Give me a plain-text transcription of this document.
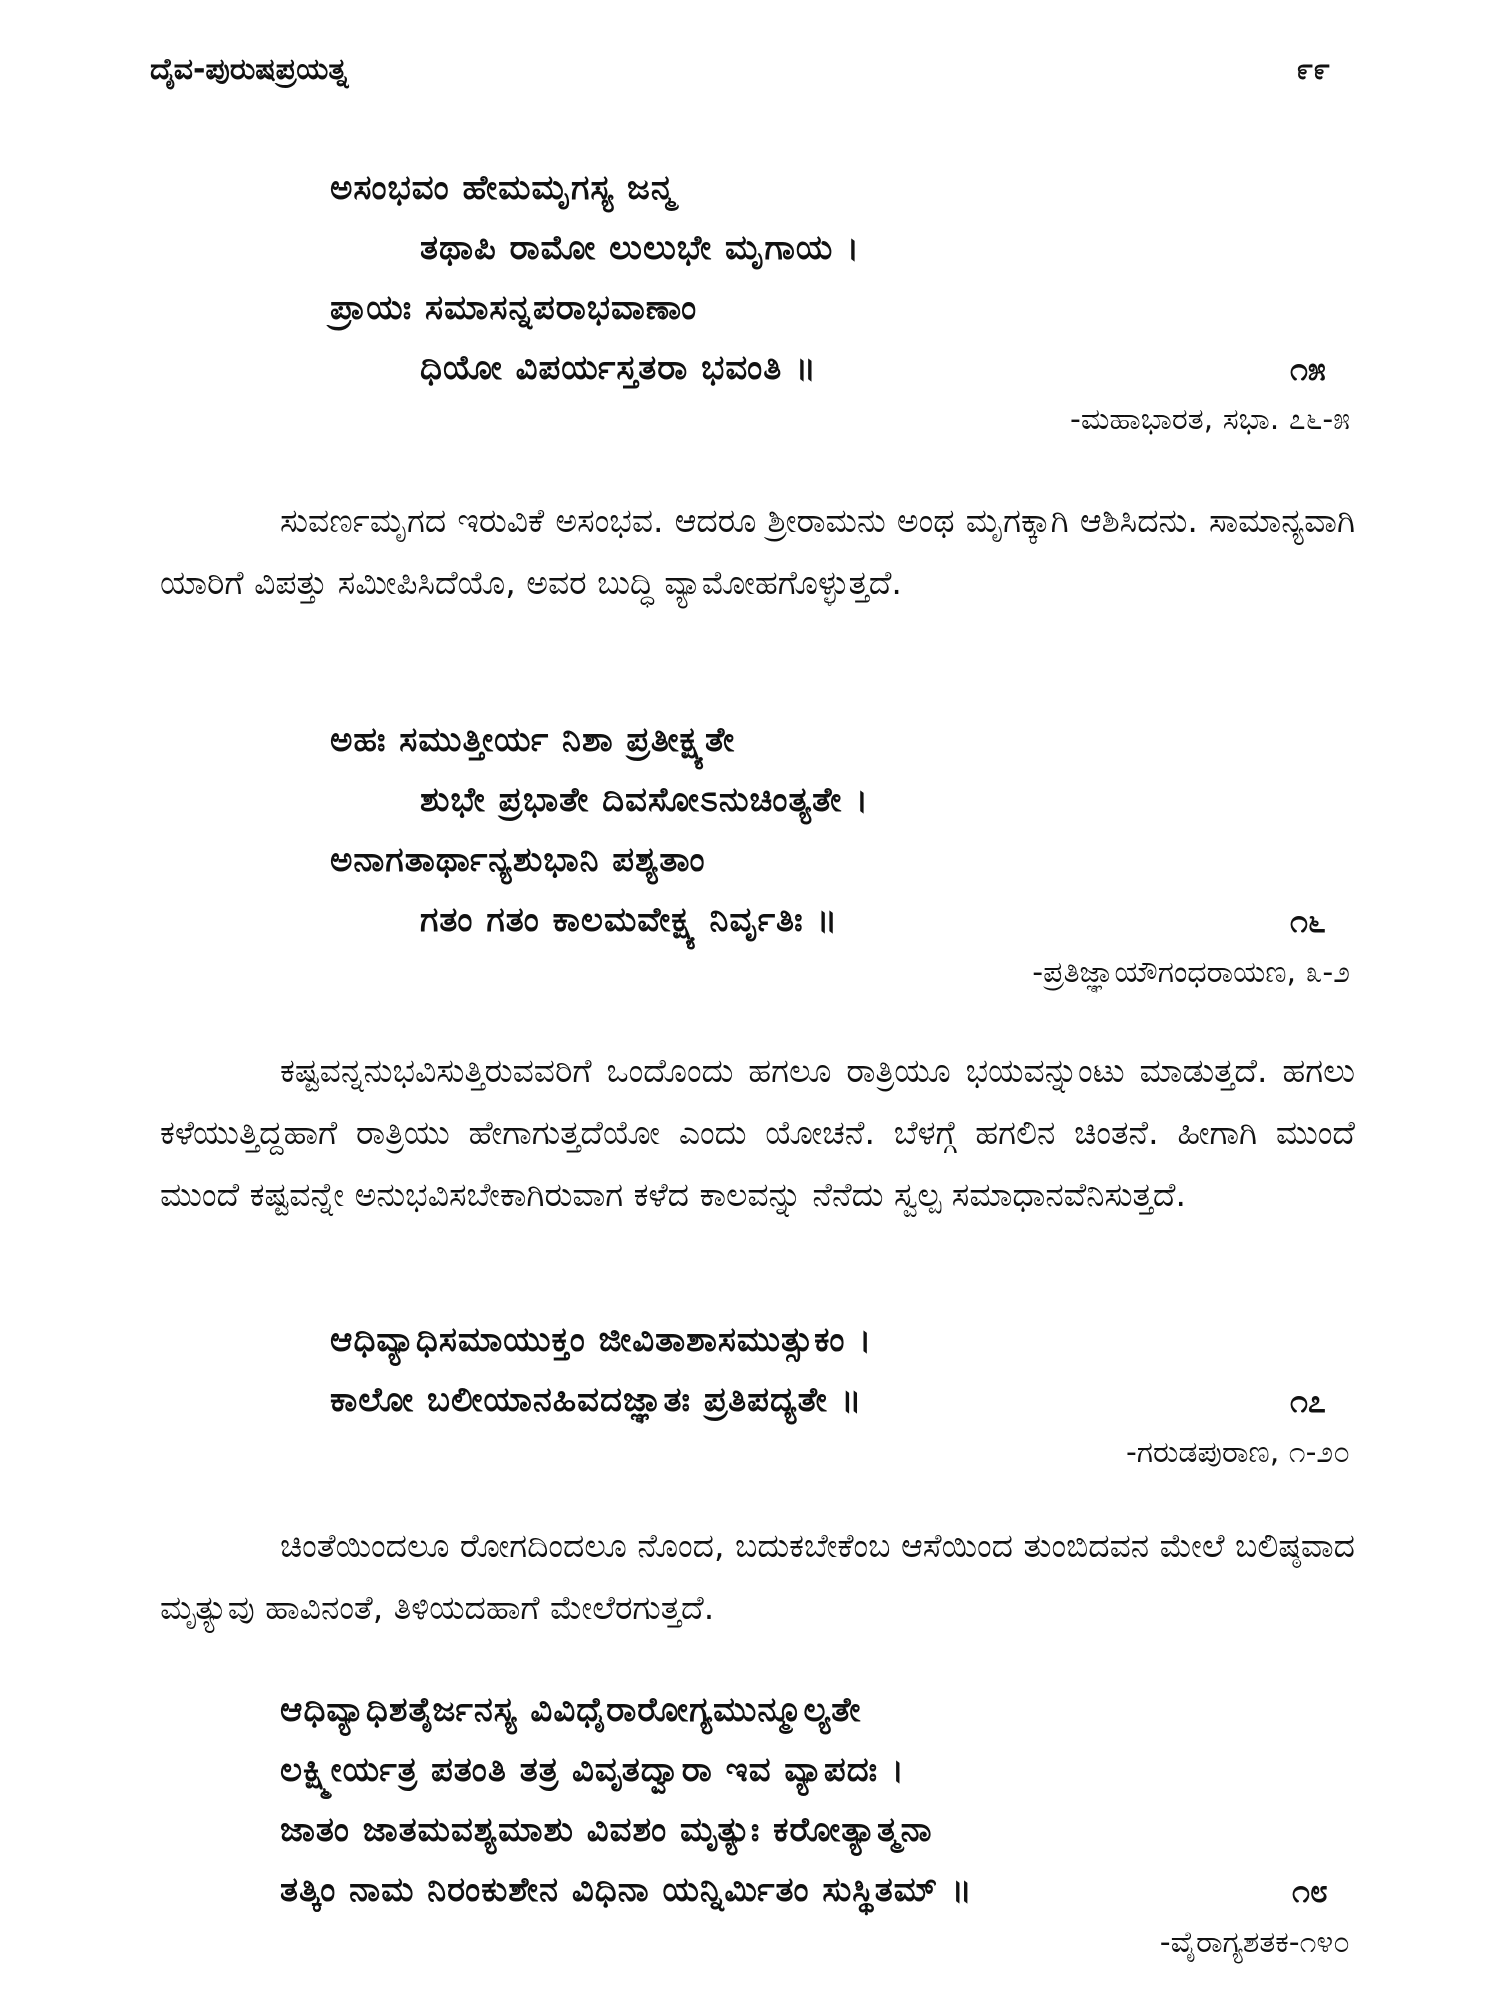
ದೈವ-ಪುರುಷಪ್ರಯತ್ನ	೯೯
ಅಸಂಭವಂ ಹೇಮಮೃಗಸ್ಯ ಜನ್ಮ
ತಥಾಪಿ ರಾಮೋ ಲುಲುಭೇ ಮೃಗಾಯ ।
ಪ್ರಾಯಃ ಸಮಾಸನ್ನಪರಾಭವಾಣಾಂ
ಧಿಯೋ ವಿಪರ್ಯಸ್ತತರಾ ಭವಂತಿ ॥	೧೫
-ಮಹಾಭಾರತ, ಸಭಾ. ೭೬-೫

ಸುವರ್ಣಮೃಗದ ಇರುವಿಕೆ ಅಸಂಭವ. ಆದರೂ ಶ್ರೀರಾಮನು ಅಂಥ ಮೃಗಕ್ಕಾಗಿ ಆಶಿಸಿದನು. ಸಾಮಾನ್ಯವಾಗಿ ಯಾರಿಗೆ ವಿಪತ್ತು ಸಮೀಪಿಸಿದೆಯೊ, ಅವರ ಬುದ್ಧಿ ವ್ಯಾಮೋಹಗೊಳ್ಳುತ್ತದೆ.

ಅಹಃ ಸಮುತ್ತೀರ್ಯ ನಿಶಾ ಪ್ರತೀಕ್ಷ್ಯತೇ
ಶುಭೇ ಪ್ರಭಾತೇ ದಿವಸೋಽನುಚಿಂತ್ಯತೇ ।
ಅನಾಗತಾರ್ಥಾನ್ಯಶುಭಾನಿ ಪಶ್ಯತಾಂ
ಗತಂ ಗತಂ ಕಾಲಮವೇಕ್ಷ್ಯ ನಿರ್ವೃತಿಃ ॥	೧೬
-ಪ್ರತಿಜ್ಞಾಯೌಗಂಧರಾಯಣ, ೩-೨

ಕಷ್ಟವನ್ನನುಭವಿಸುತ್ತಿರುವವರಿಗೆ ಒಂದೊಂದು ಹಗಲೂ ರಾತ್ರಿಯೂ ಭಯವನ್ನುಂಟು ಮಾಡುತ್ತದೆ. ಹಗಲು ಕಳೆಯುತ್ತಿದ್ದಹಾಗೆ ರಾತ್ರಿಯು ಹೇಗಾಗುತ್ತದೆಯೋ ಎಂದು ಯೋಚನೆ. ಬೆಳಗ್ಗೆ ಹಗಲಿನ ಚಿಂತನೆ. ಹೀಗಾಗಿ ಮುಂದೆ ಮುಂದೆ ಕಷ್ಟವನ್ನೇ ಅನುಭವಿಸಬೇಕಾಗಿರುವಾಗ ಕಳೆದ ಕಾಲವನ್ನು ನೆನೆದು ಸ್ವಲ್ಪ ಸಮಾಧಾನವೆನಿಸುತ್ತದೆ.

ಆಧಿವ್ಯಾಧಿಸಮಾಯುಕ್ತಂ ಜೀವಿತಾಶಾಸಮುತ್ಸುಕಂ ।
ಕಾಲೋ ಬಲೀಯಾನಹಿವದಜ್ಞಾತಃ ಪ್ರತಿಪದ್ಯತೇ ॥	೧೭
-ಗರುಡಪುರಾಣ, ೧-೨೦

ಚಿಂತೆಯಿಂದಲೂ ರೋಗದಿಂದಲೂ ನೊಂದ, ಬದುಕಬೇಕೆಂಬ ಆಸೆಯಿಂದ ತುಂಬಿದವನ ಮೇಲೆ ಬಲಿಷ್ಠವಾದ ಮೃತ್ಯುವು ಹಾವಿನಂತೆ, ತಿಳಿಯದಹಾಗೆ ಮೇಲೆರಗುತ್ತದೆ.

ಆಧಿವ್ಯಾಧಿಶತೈರ್ಜನಸ್ಯ ವಿವಿಧೈರಾರೋಗ್ಯಮುನ್ಮೂಲ್ಯತೇ
ಲಕ್ಷ್ಮೀರ್ಯತ್ರ ಪತಂತಿ ತತ್ರ ವಿವೃತದ್ವಾರಾ ಇವ ವ್ಯಾಪದಃ ।
ಜಾತಂ ಜಾತಮವಶ್ಯಮಾಶು ವಿವಶಂ ಮೃತ್ಯುಃ ಕರೋತ್ಯಾತ್ಮನಾ
ತತ್ಕಿಂ ನಾಮ ನಿರಂಕುಶೇನ ವಿಧಿನಾ ಯನ್ನಿರ್ಮಿತಂ ಸುಸ್ಥಿತಮ್ ॥	೧೮
-ವೈರಾಗ್ಯಶತಕ-೧೪೦
